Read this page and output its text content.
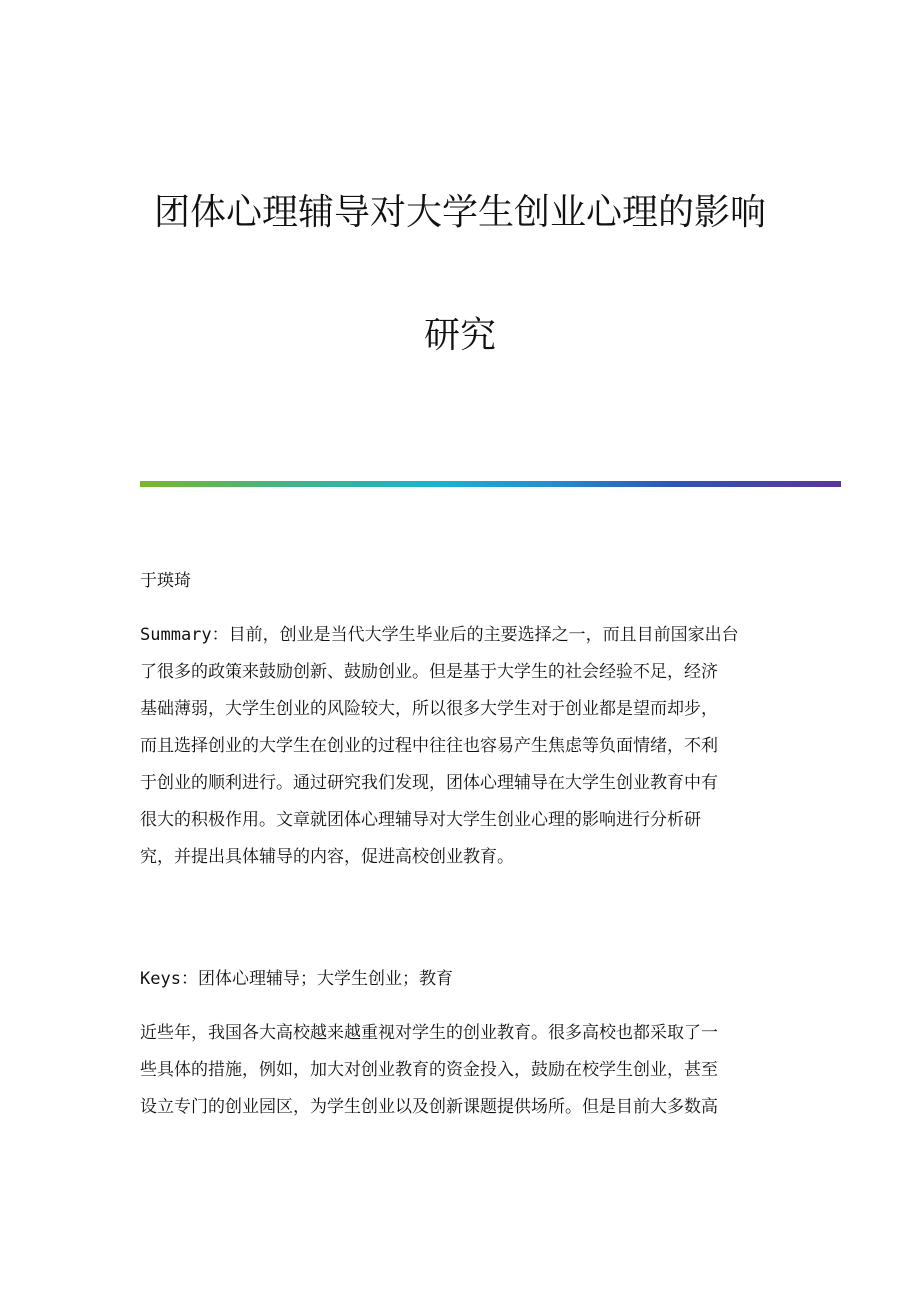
团体心理辅导对大学生创业心理的影响
研究
于瑛琦
Summary：目前，创业是当代大学生毕业后的主要选择之一，而且目前国家出台
了很多的政策来鼓励创新、鼓励创业。但是基于大学生的社会经验不足，经济
基础薄弱，大学生创业的风险较大，所以很多大学生对于创业都是望而却步，
而且选择创业的大学生在创业的过程中往往也容易产生焦虑等负面情绪，不利
于创业的顺利进行。通过研究我们发现，团体心理辅导在大学生创业教育中有
很大的积极作用。文章就团体心理辅导对大学生创业心理的影响进行分析研
究，并提出具体辅导的内容，促进高校创业教育。
Keys：团体心理辅导；大学生创业；教育
近些年，我国各大高校越来越重视对学生的创业教育。很多高校也都采取了一
些具体的措施，例如，加大对创业教育的资金投入，鼓励在校学生创业，甚至
设立专门的创业园区，为学生创业以及创新课题提供场所。但是目前大多数高
